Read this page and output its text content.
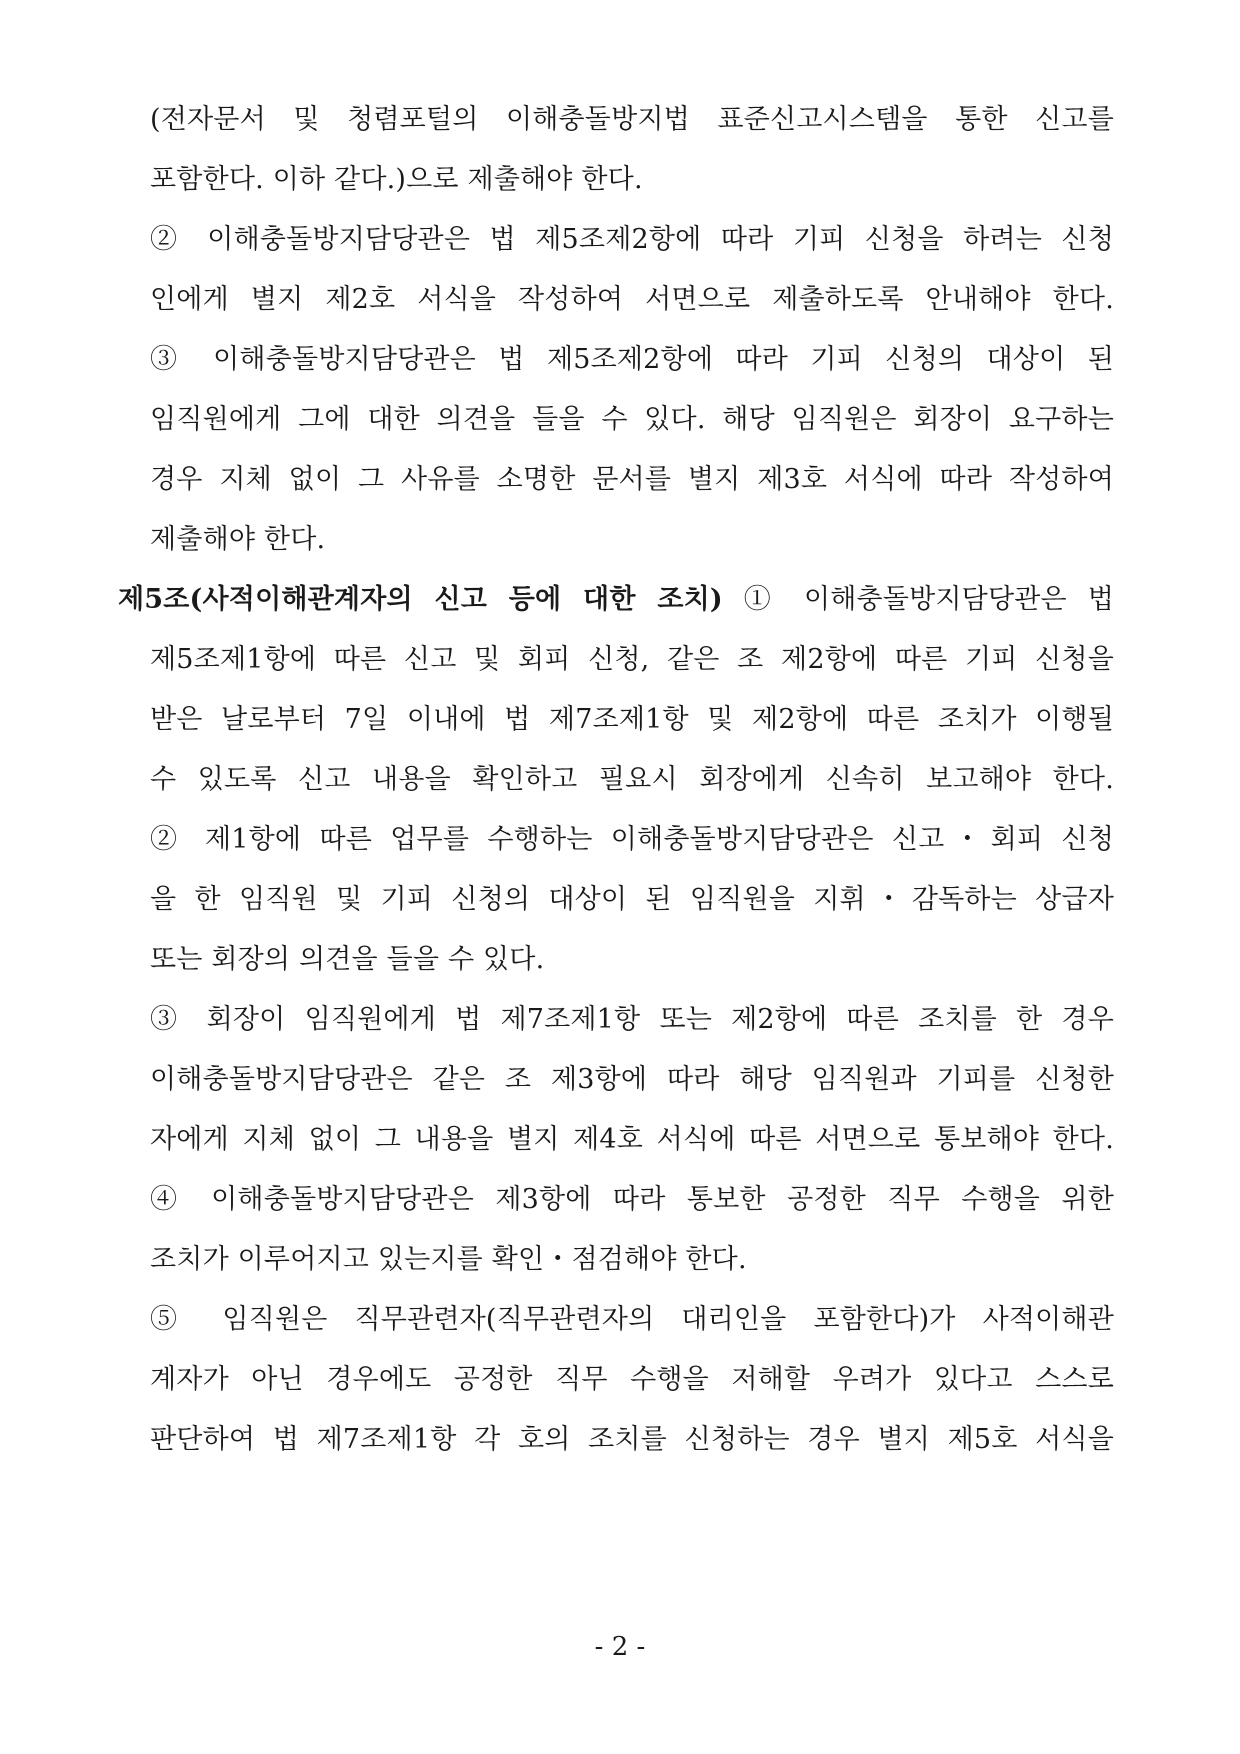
(전자문서 및 청렴포털의 이해충돌방지법 표준신고시스템을 통한 신고를
포함한다. 이하 같다.)으로 제출해야 한다.
② 이해충돌방지담당관은 법 제5조제2항에 따라 기피 신청을 하려는 신청
인에게 별지 제2호 서식을 작성하여 서면으로 제출하도록 안내해야 한다.
③ 이해충돌방지담당관은 법 제5조제2항에 따라 기피 신청의 대상이 된
임직원에게 그에 대한 의견을 들을 수 있다. 해당 임직원은 회장이 요구하는
경우 지체 없이 그 사유를 소명한 문서를 별지 제3호 서식에 따라 작성하여
제출해야 한다.
제5조(사적이해관계자의 신고 등에 대한 조치) ① 이해충돌방지담당관은 법
제5조제1항에 따른 신고 및 회피 신청, 같은 조 제2항에 따른 기피 신청을
받은 날로부터 7일 이내에 법 제7조제1항 및 제2항에 따른 조치가 이행될
수 있도록 신고 내용을 확인하고 필요시 회장에게 신속히 보고해야 한다.
② 제1항에 따른 업무를 수행하는 이해충돌방지담당관은 신고・회피 신청
을 한 임직원 및 기피 신청의 대상이 된 임직원을 지휘・감독하는 상급자
또는 회장의 의견을 들을 수 있다.
③ 회장이 임직원에게 법 제7조제1항 또는 제2항에 따른 조치를 한 경우
이해충돌방지담당관은 같은 조 제3항에 따라 해당 임직원과 기피를 신청한
자에게 지체 없이 그 내용을 별지 제4호 서식에 따른 서면으로 통보해야 한다.
④ 이해충돌방지담당관은 제3항에 따라 통보한 공정한 직무 수행을 위한
조치가 이루어지고 있는지를 확인・점검해야 한다.
⑤ 임직원은 직무관련자(직무관련자의 대리인을 포함한다)가 사적이해관
계자가 아닌 경우에도 공정한 직무 수행을 저해할 우려가 있다고 스스로
판단하여 법 제7조제1항 각 호의 조치를 신청하는 경우 별지 제5호 서식을
- 2 -
